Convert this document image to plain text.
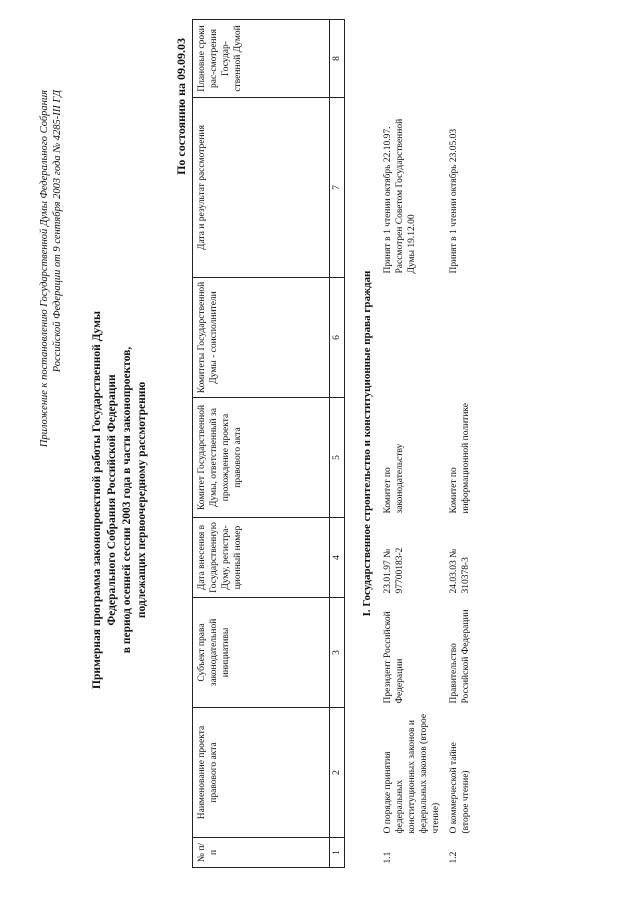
Приложение к постановлению Государственной Думы Федерального Собрания Российской Федерации от 9 сентября 2003 года № 4285-III ГД
Примерная программа законопроектной работы Государственной Думы Федерального Собрания Российской Федерации в период осенней сессии 2003 года в части законопроектов, подлежащих первоочередному рассмотрению
По состоянию на 09.09.03
№ п/п	Наименование проекта правового акта	Субъект права законодательной инициативы	Дата внесения в Государственную Думу, регистра-ционный номер	Комитет Государственной Думы, ответственный за прохождение проекта правового акта	Комитеты Государственной Думы - соисполнители	Дата и результат рассмотрения	Плановые сроки рас-смотрения Государ-ственной Думой
1	2	3	4	5	6	7	8
I. Государственное строительство и конституционные права граждан							
1.1	О порядке принятия федеральных конституционных законов и федеральных законов (второе чтение)	Президент Российской Федерации	23.01.97 № 97700183-2	Комитет по законодательству		Принят в 1 чтении октябрь 22.10.97. Рассмотрен Советом Государственной Думы 19.12.00	
1.2	О коммерческой тайне (второе чтение)	Правительство Российской Федерации	24.03.03 № 310378-3	Комитет по информационной политике		Принят в 1 чтении октябрь 23.05.03	
